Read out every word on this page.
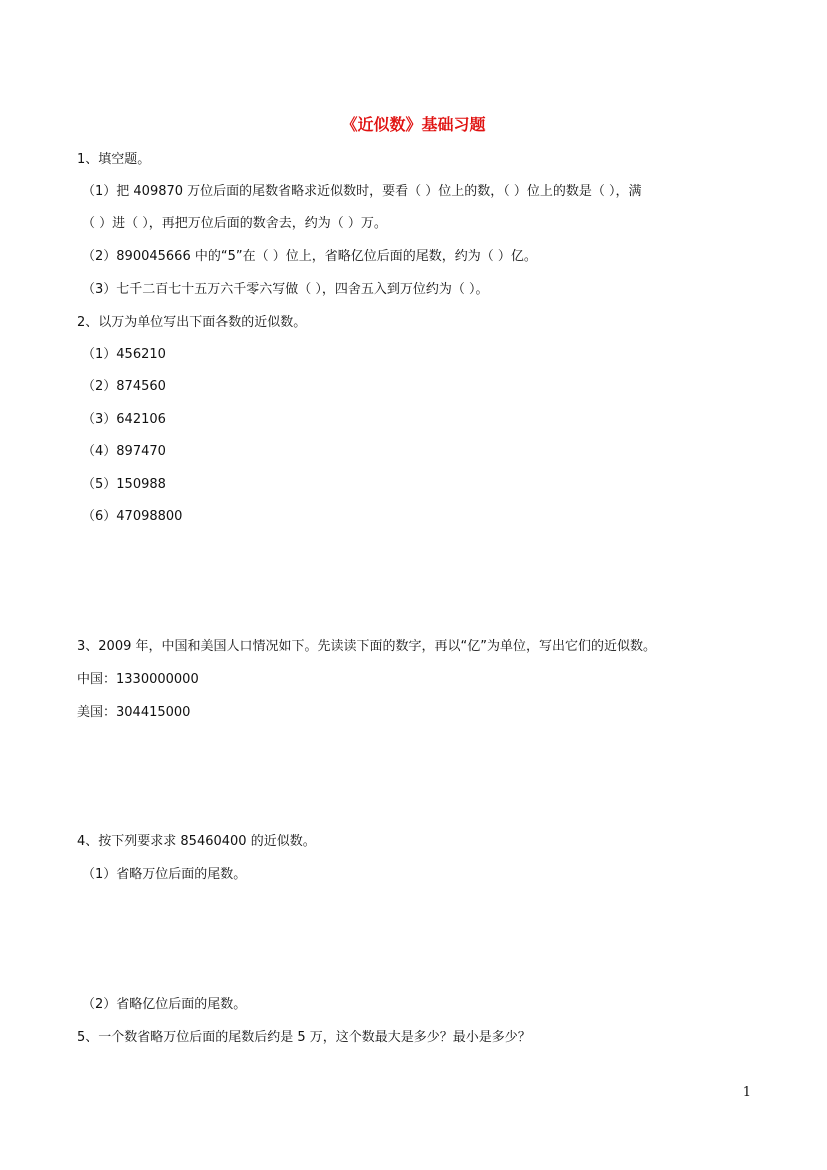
《近似数》基础习题
1、填空题。
（1）把 409870 万位后面的尾数省略求近似数时，要看（ ）位上的数，（ ）位上的数是（ ），满
（ ）进（ ），再把万位后面的数舍去，约为（ ）万。
（2）890045666 中的“5”在（ ）位上，省略亿位后面的尾数，约为（ ）亿。
（3）七千二百七十五万六千零六写做（ ），四舍五入到万位约为（ ）。
2、以万为单位写出下面各数的近似数。
（1）456210
（2）874560
（3）642106
（4）897470
（5）150988
（6）47098800
3、2009 年，中国和美国人口情况如下。先读读下面的数字，再以“亿”为单位，写出它们的近似数。
中国：1330000000
美国：304415000
4、按下列要求求 85460400 的近似数。
（1）省略万位后面的尾数。
（2）省略亿位后面的尾数。
5、一个数省略万位后面的尾数后约是 5 万，这个数最大是多少？最小是多少？
1
